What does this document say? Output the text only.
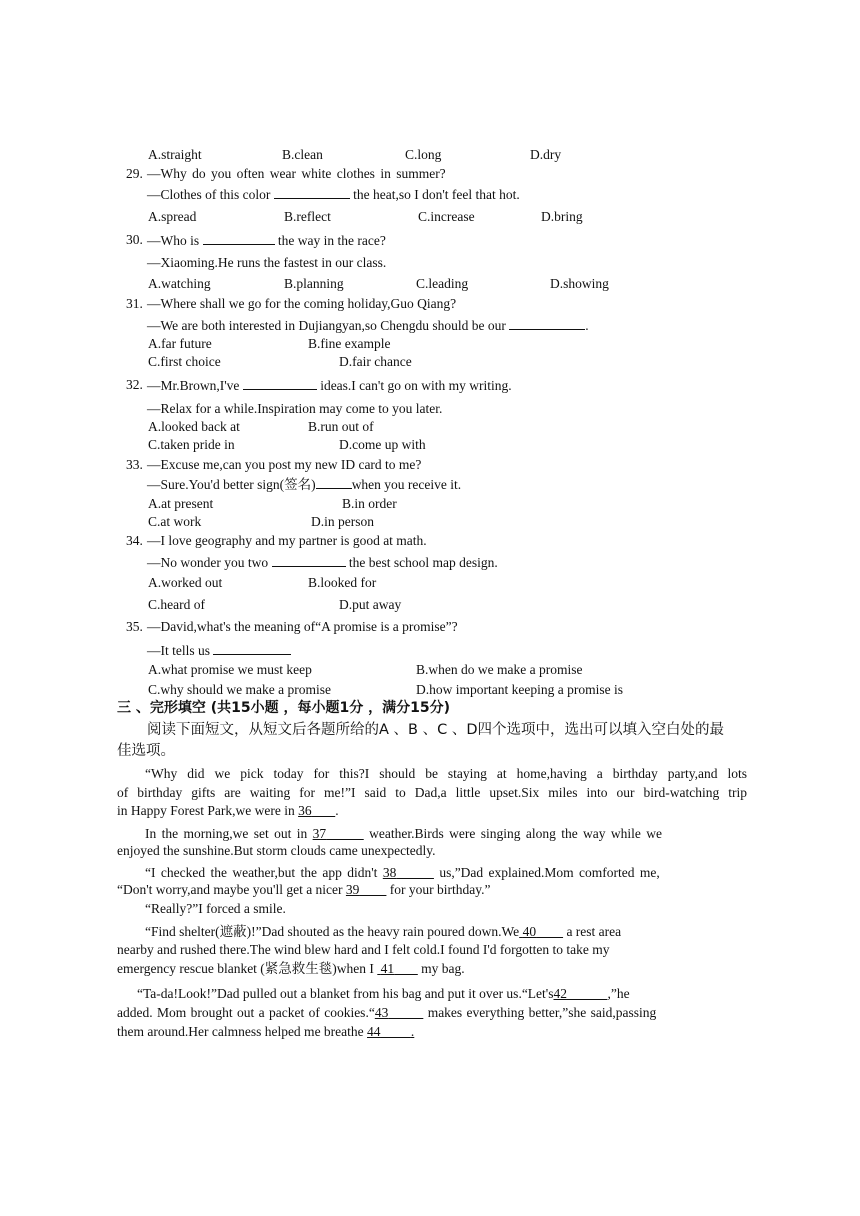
A.straight	B.clean	C.long	D.dry
29. —Why do you often wear white clothes in summer?
—Clothes of this color	the heat,so I don't feel that hot.
A.spread	B.reflect	C.increase	D.bring
30. —Who is	the way in the race?
—Xiaoming.He runs the fastest in our class.
A.watching	B.planning	C.leading	D.showing
31. —Where shall we go for the coming holiday,Guo Qiang?
—We are both interested in Dujiangyan,so Chengdu should be our	.
A.far future	B.fine example
C.first choice	D.fair chance
32. —Mr.Brown,I've	ideas.I can't go on with my writing.
—Relax for a while.Inspiration may come to you later.
A.looked back at	B.run out of
C.taken pride in	D.come up with
33. —Excuse me,can you post my new ID card to me?
—Sure.You'd better sign(签名)	when you receive it.
A.at present	B.in order
C.at work	D.in person
34. —I love geography and my partner is good at math.
—No wonder you two	the best school map design.
A.worked out	B.looked for
C.heard of	D.put away
35. —David,what's the meaning of“A promise is a promise”?
—It tells us
A.what promise we must keep	B.when do we make a promise
C.why should we make a promise	D.how important keeping a promise is
三 、完形填空 (共15小题 ，每小题1分 ，满分15分)
阅读下面短文，从短文后各题所给的A 、B 、C 、D四个选项中，选出可以填入空白处的最
佳选项。
“Why did we pick today for this?I should be staying at home,having a birthday party,and lots
of birthday gifts are waiting for me!”I said to Dad,a little upset.Six miles into our bird-watching trip
in Happy Forest Park,we were in 36 .
In the morning,we set out in 37	weather.Birds were singing along the way while we
enjoyed the sunshine.But storm clouds came unexpectedly.
“I checked the weather,but the app didn't 38	us,”Dad explained.Mom comforted me,
“Don't worry,and maybe you'll get a nicer 39 for your birthday.”
“Really?”I forced a smile.
“Find shelter(遮蔽)!”Dad shouted as the heavy rain poured down.We 40 a rest area
nearby and rushed there.The wind blew hard and I felt cold.I found I'd forgotten to take my
emergency rescue blanket (紧急救生毯)when I 41 my bag.
“Ta-da!Look!”Dad pulled out a blanket from his bag and put it over us.“Let's42	,”he
added. Mom brought out a packet of cookies.“43	makes everything better,”she said,passing
them around.Her calmness helped me breathe 44 .
